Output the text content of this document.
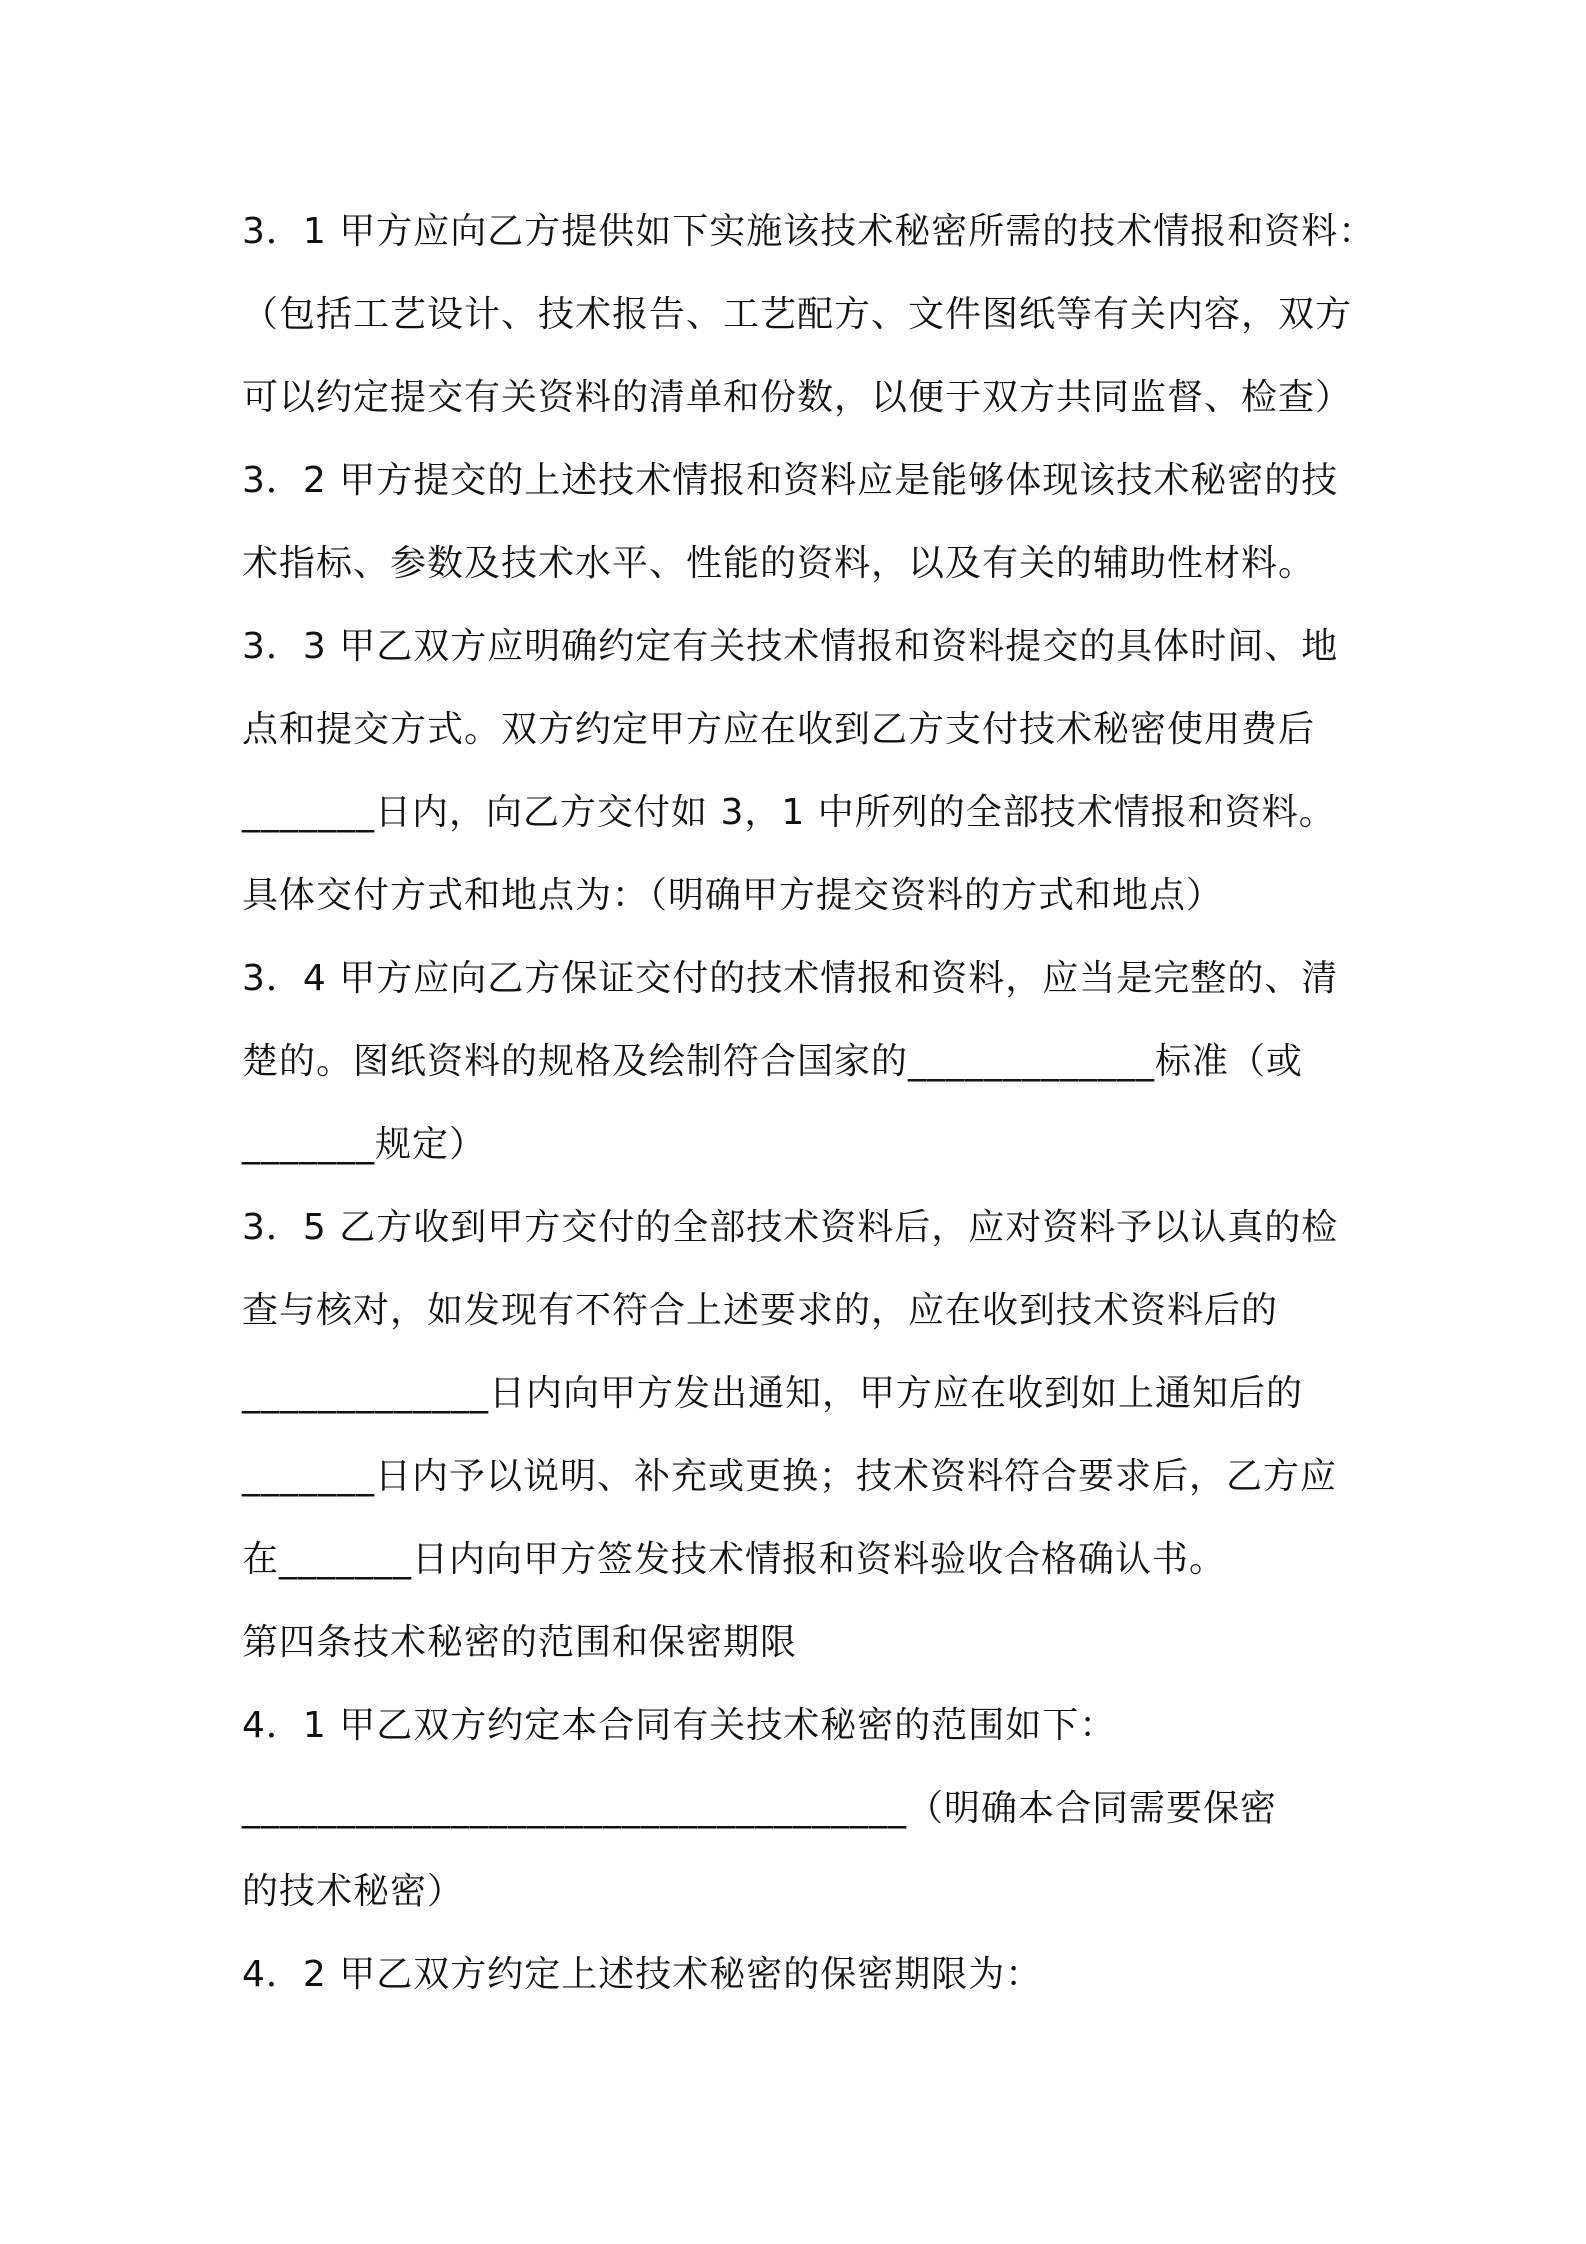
3．1 甲方应向乙方提供如下实施该技术秘密所需的技术情报和资料：
（包括工艺设计、技术报告、工艺配方、文件图纸等有关内容，双方
可以约定提交有关资料的清单和份数，以便于双方共同监督、检查）
3．2 甲方提交的上述技术情报和资料应是能够体现该技术秘密的技
术指标、参数及技术水平、性能的资料，以及有关的辅助性材料。
3．3 甲乙双方应明确约定有关技术情报和资料提交的具体时间、地
点和提交方式。双方约定甲方应在收到乙方支付技术秘密使用费后
_______日内，向乙方交付如 3，1 中所列的全部技术情报和资料。
具体交付方式和地点为：（明确甲方提交资料的方式和地点）
3．4 甲方应向乙方保证交付的技术情报和资料，应当是完整的、清
楚的。图纸资料的规格及绘制符合国家的_____________标准（或
_______规定）
3．5 乙方收到甲方交付的全部技术资料后，应对资料予以认真的检
查与核对，如发现有不符合上述要求的，应在收到技术资料后的
_____________日内向甲方发出通知，甲方应在收到如上通知后的
_______日内予以说明、补充或更换；技术资料符合要求后，乙方应
在_______日内向甲方签发技术情报和资料验收合格确认书。
第四条技术秘密的范围和保密期限
4．1 甲乙双方约定本合同有关技术秘密的范围如下：
___________________________________（明确本合同需要保密
的技术秘密）
4．2 甲乙双方约定上述技术秘密的保密期限为：
